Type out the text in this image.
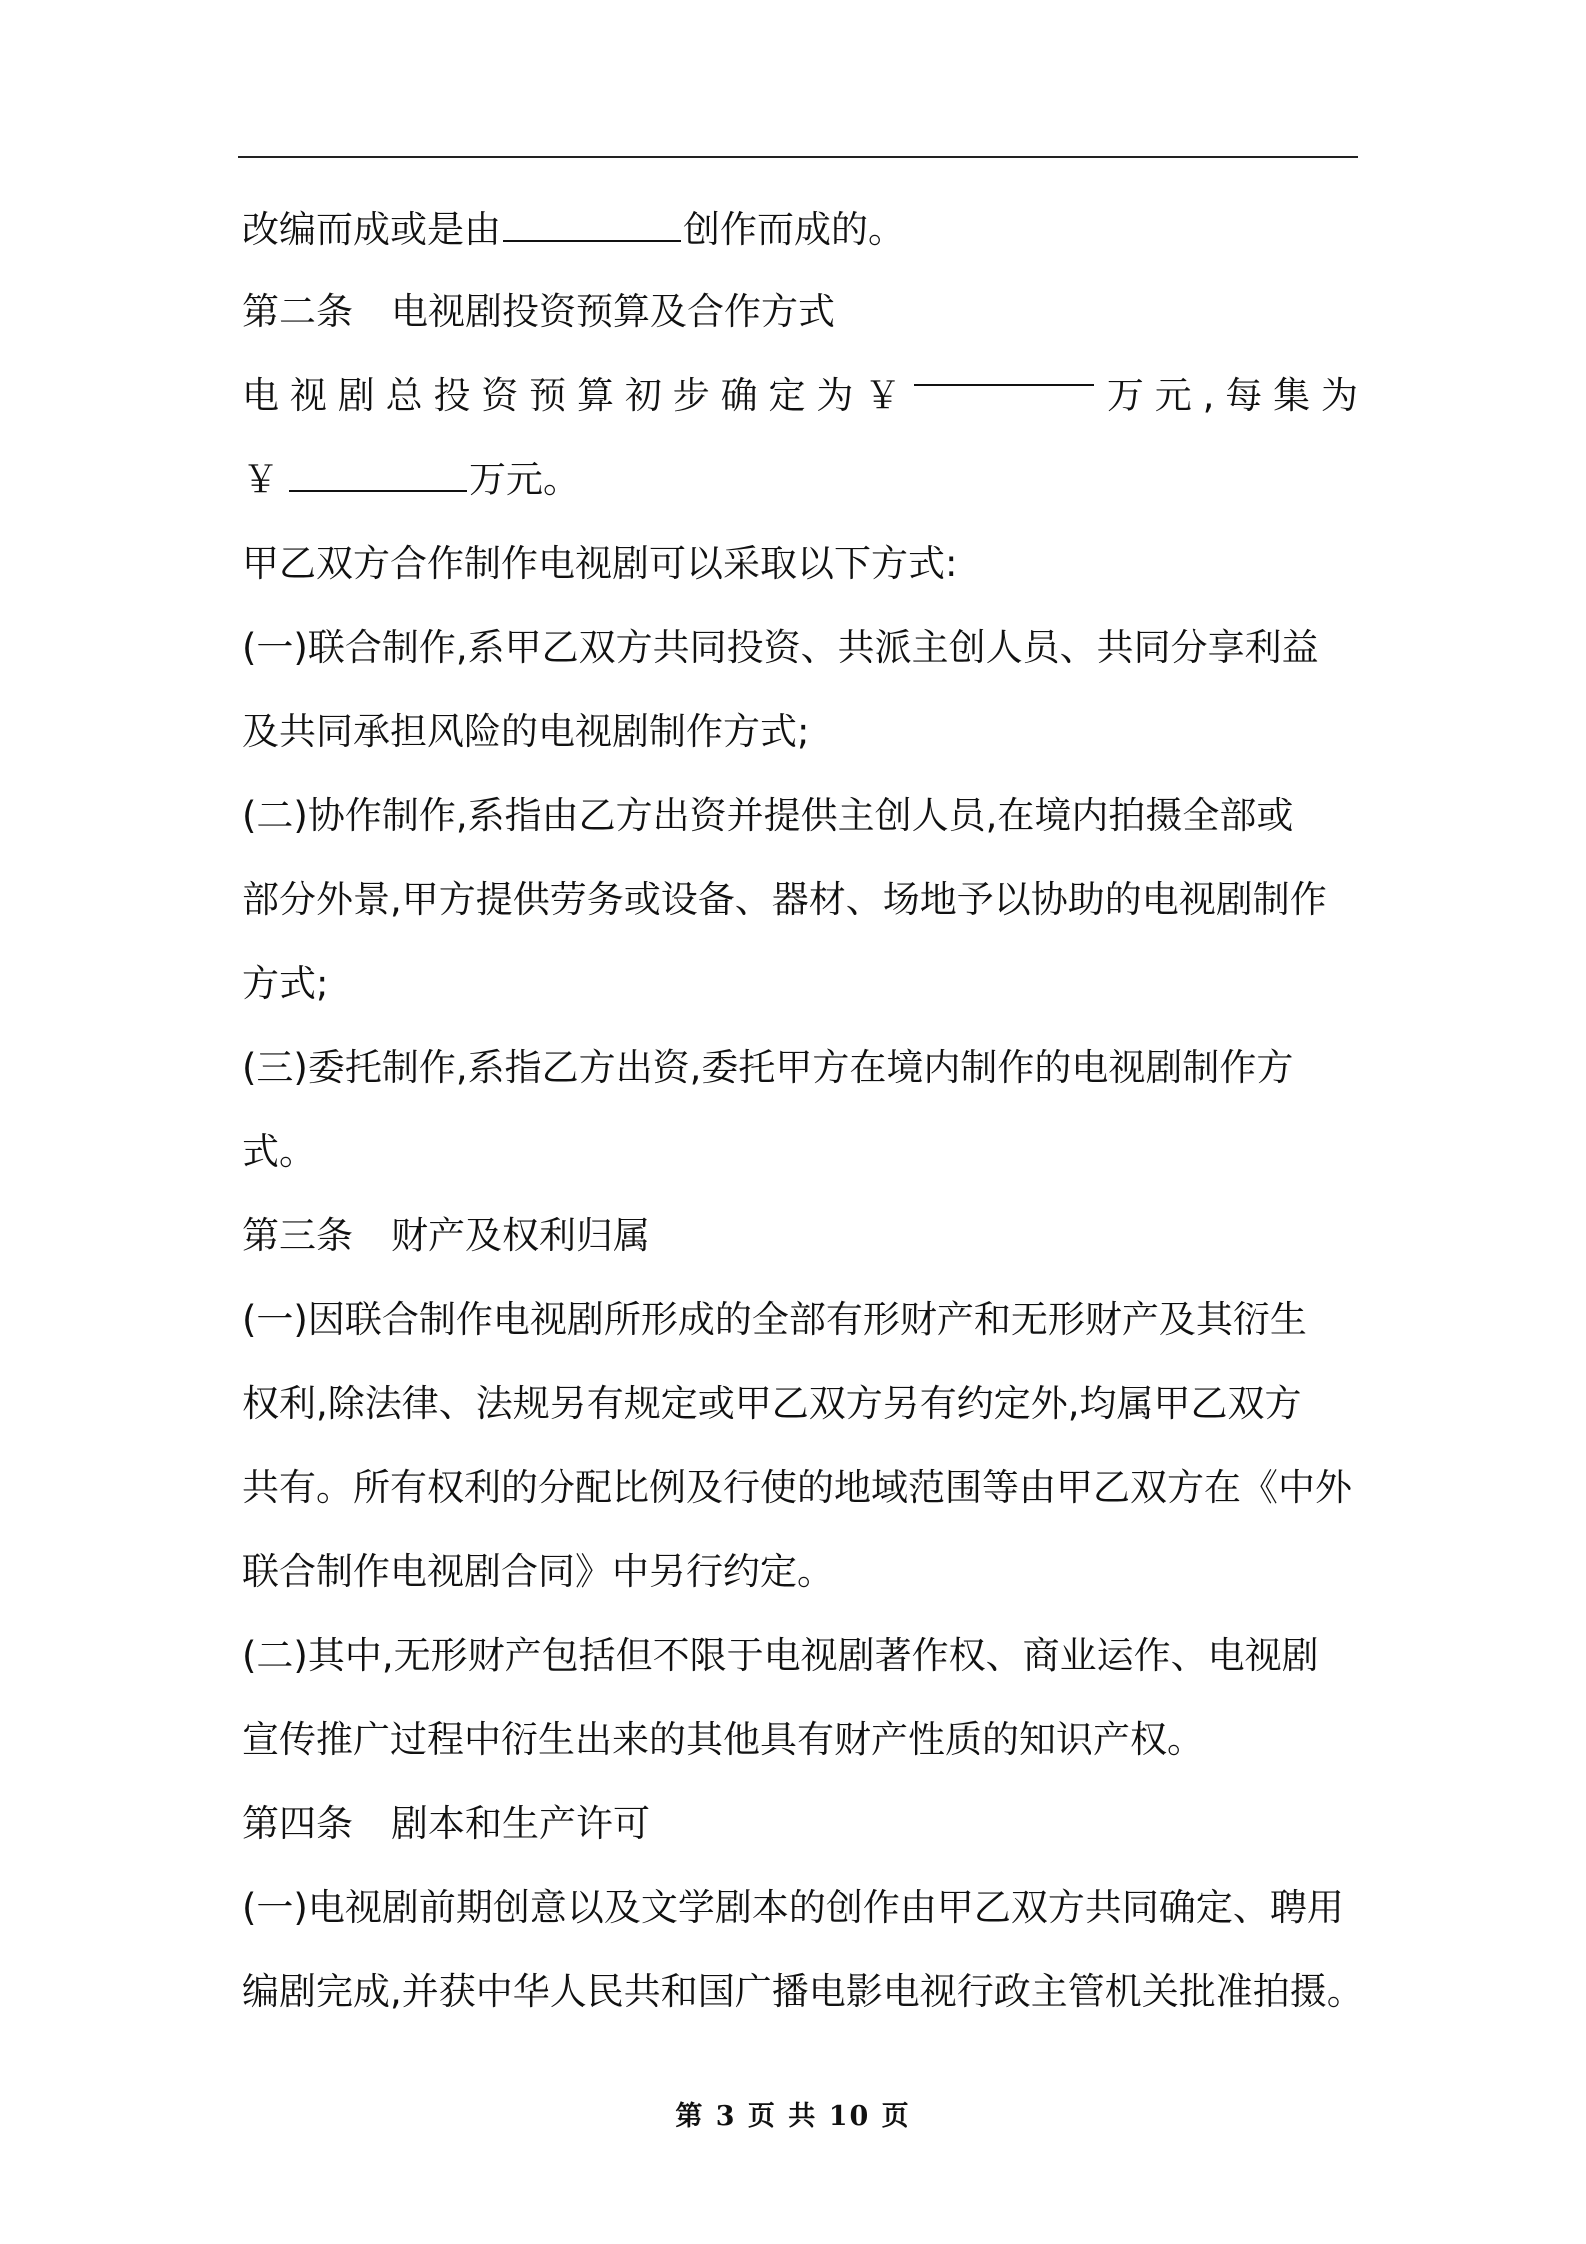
改编而成或是由	创作而成的。
第二条 电视剧投资预算及合作方式
电 视 剧 总 投 资 预 算 初 步 确 定 为 ￥	万 元 , 每 集 为
￥	万元。
甲乙双方合作制作电视剧可以采取以下方式:
(一)联合制作,系甲乙双方共同投资、共派主创人员、共同分享利益
及共同承担风险的电视剧制作方式;
(二)协作制作,系指由乙方出资并提供主创人员,在境内拍摄全部或
部分外景,甲方提供劳务或设备、器材、场地予以协助的电视剧制作
方式;
(三)委托制作,系指乙方出资,委托甲方在境内制作的电视剧制作方
式。
第三条 财产及权利归属
(一)因联合制作电视剧所形成的全部有形财产和无形财产及其衍生
权利,除法律、法规另有规定或甲乙双方另有约定外,均属甲乙双方
共有。所有权利的分配比例及行使的地域范围等由甲乙双方在《中外
联合制作电视剧合同》中另行约定。
(二)其中,无形财产包括但不限于电视剧著作权、商业运作、电视剧
宣传推广过程中衍生出来的其他具有财产性质的知识产权。
第四条 剧本和生产许可
(一)电视剧前期创意以及文学剧本的创作由甲乙双方共同确定、聘用
编剧完成,并获中华人民共和国广播电影电视行政主管机关批准拍摄。
第 3 页 共 10 页
